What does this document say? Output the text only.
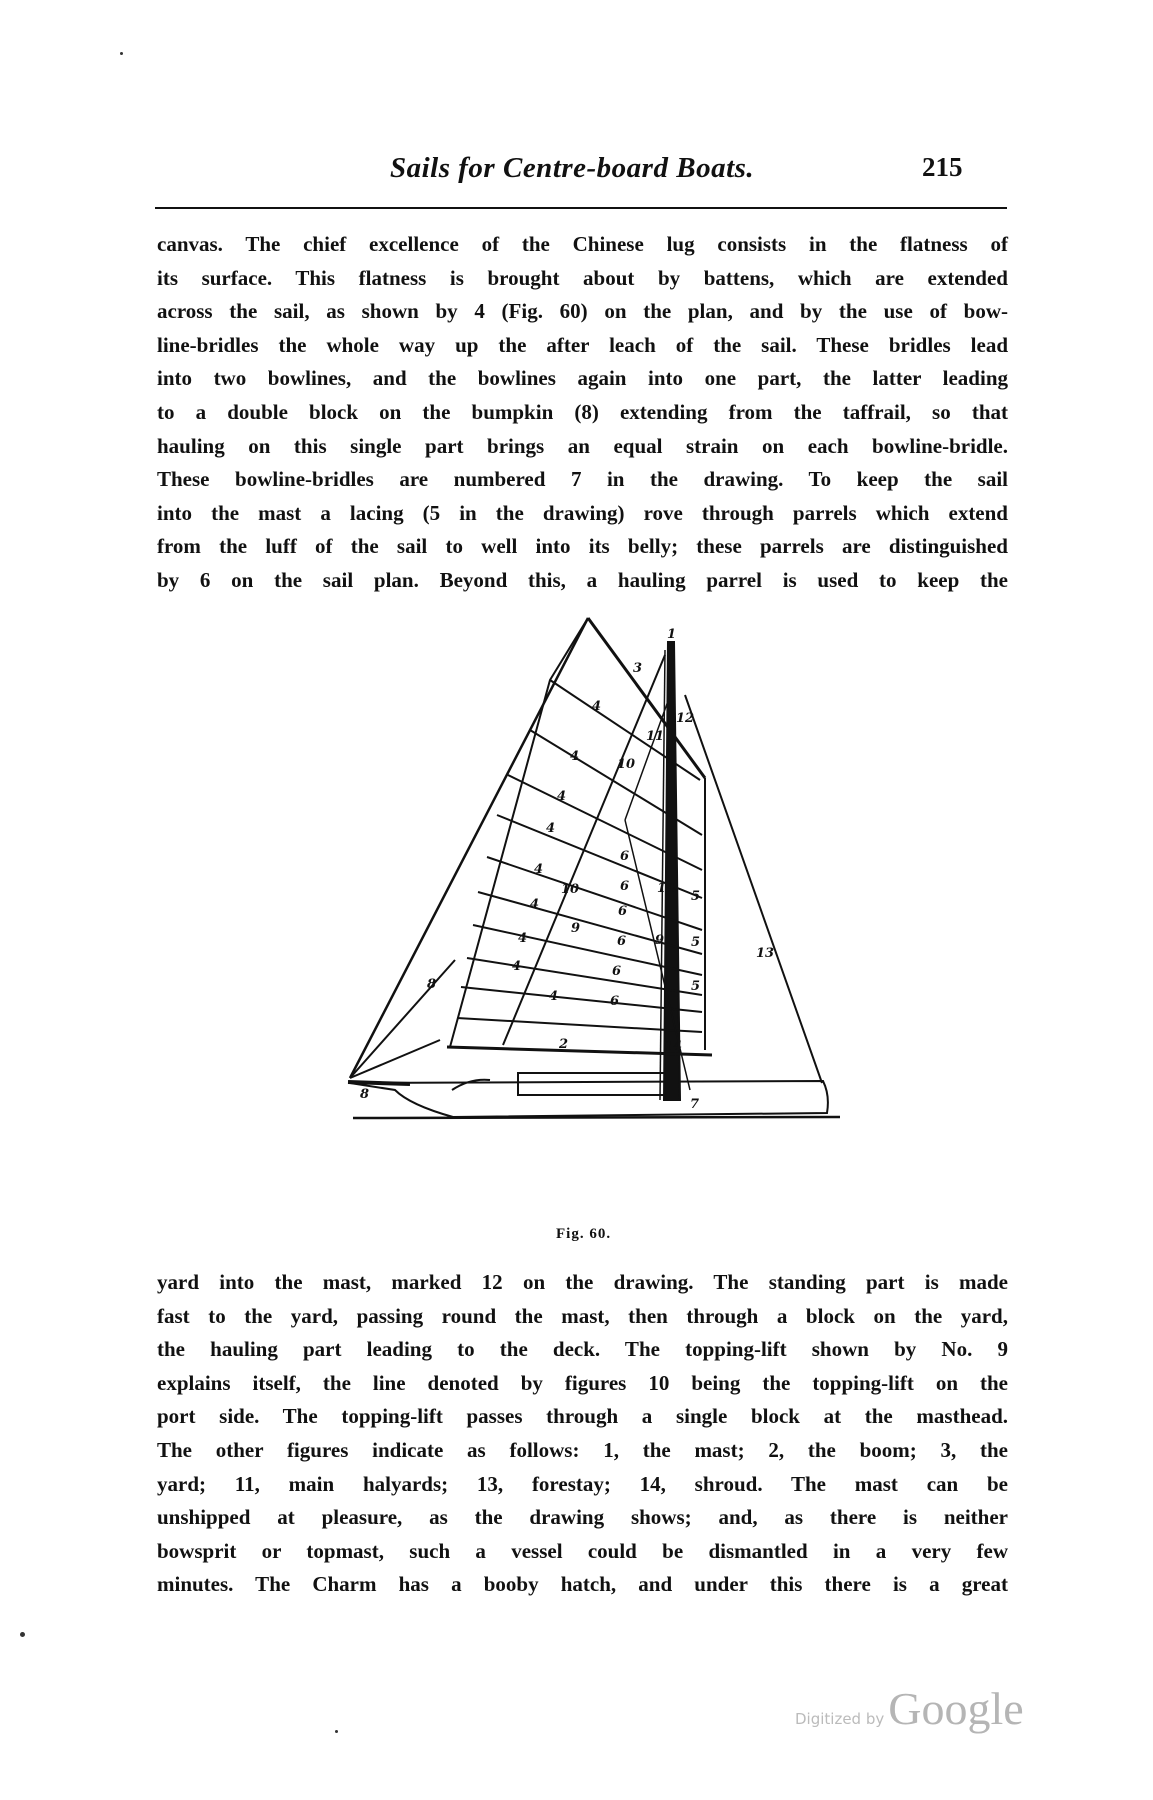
Sails for Centre-board Boats.	215
canvas. The chief excellence of the Chinese lug consists in the flatness of
its surface. This flatness is brought about by battens, which are extended
across the sail, as shown by 4 (Fig. 60) on the plan, and by the use of bow-
line-bridles the whole way up the after leach of the sail. These bridles lead
into two bowlines, and the bowlines again into one part, the latter leading
to a double block on the bumpkin (8) extending from the taffrail, so that
hauling on this single part brings an equal strain on each bowline-bridle.
These bowline-bridles are numbered 7 in the drawing. To keep the sail
into the mast a lacing (5 in the drawing) rove through parrels which extend
from the luff of the sail to well into its belly; these parrels are distinguished
by 6 on the sail plan. Beyond this, a hauling parrel is used to keep the
1
3
12
4
4
10
4
4
4
10
4
9
4
4
4
6
6
6
6
6
6
14
14
5
5
5
11
9
13
8
2
8
7
Fig. 60.
yard into the mast, marked 12 on the drawing. The standing part is made
fast to the yard, passing round the mast, then through a block on the yard,
the hauling part leading to the deck. The topping-lift shown by No. 9
explains itself, the line denoted by figures 10 being the topping-lift on the
port side. The topping-lift passes through a single block at the masthead.
The other figures indicate as follows: 1, the mast; 2, the boom; 3, the
yard; 11, main halyards; 13, forestay; 14, shroud. The mast can be
unshipped at pleasure, as the drawing shows; and, as there is neither
bowsprit or topmast, such a vessel could be dismantled in a very few
minutes. The Charm has a booby hatch, and under this there is a great
Digitized by Google
